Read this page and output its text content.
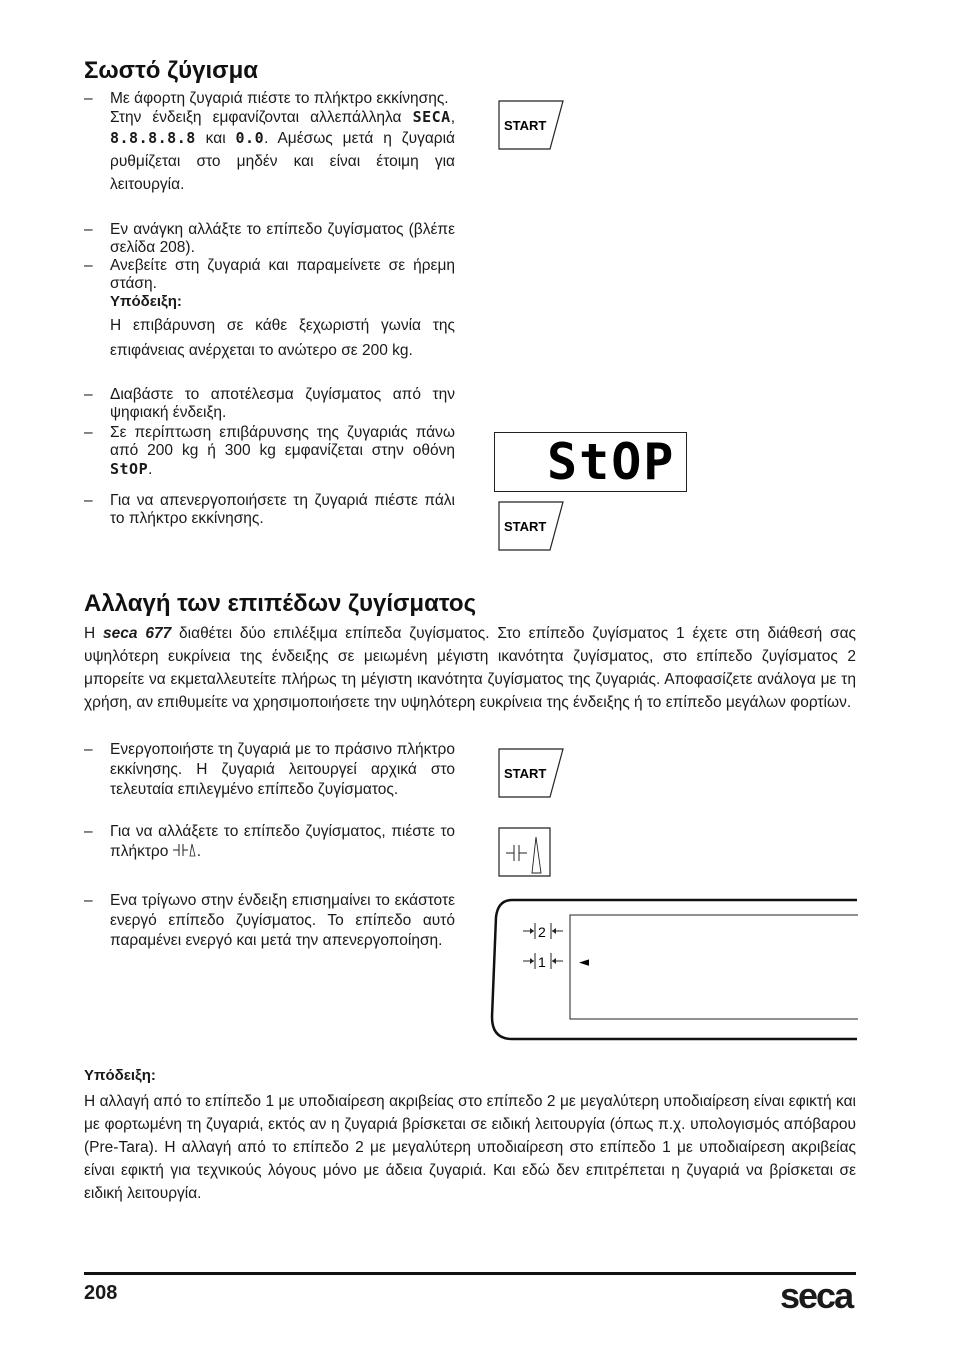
Σωστό ζύγισμα
– Με άφορτη ζυγαριά πιέστε το πλήκτρο εκκίνησης.

Στην ένδειξη εμφανίζονται αλλεπάλληλα SECA, 8.8.8.8.8 και 0.0. Αμέσως μετά η ζυγαριά ρυθμίζεται στο μηδέν και είναι έτοιμη για λειτουργία.

– Εν ανάγκη αλλάξτε το επίπεδο ζυγίσματος (βλέπε σελίδα 208).
– Ανεβείτε στη ζυγαριά και παραμείνετε σε ήρεμη στάση.

Υπόδειξη:

Η επιβάρυνση σε κάθε ξεχωριστή γωνία της επιφάνειας ανέρχεται το ανώτερο σε 200 kg.

– Διαβάστε το αποτέλεσμα ζυγίσματος από την ψηφιακή ένδειξη.
– Σε περίπτωση επιβάρυνσης της ζυγαριάς πάνω από 200 kg ή 300 kg εμφανίζεται στην οθόνη StOP.
– Για να απενεργοποιήσετε τη ζυγαριά πιέστε πάλι το πλήκτρο εκκίνησης.
START
StOP
START
Αλλαγή των επιπέδων ζυγίσματος

Η seca 677 διαθέτει δύο επιλέξιμα επίπεδα ζυγίσματος. Στο επίπεδο ζυγίσματος 1 έχετε στη διάθεσή σας υψηλότερη ευκρίνεια της ένδειξης σε μειωμένη μέγιστη ικανότητα ζυγίσματος, στο επίπεδο ζυγίσματος 2 μπορείτε να εκμεταλλευτείτε πλήρως τη μέγιστη ικανότητα ζυγίσματος της ζυγαριάς. Αποφασίζετε ανάλογα με τη χρήση, αν επιθυμείτε να χρησιμοποιήσετε την υψηλότερη ευκρίνεια της ένδειξης ή το επίπεδο μεγάλων φορτίων.

– Ενεργοποιήστε τη ζυγαριά με το πράσινο πλήκτρο εκκίνησης. Η ζυγαριά λειτουργεί αρχικά στο τελευταία επιλεγμένο επίπεδο ζυγίσματος.
– Για να αλλάξετε το επίπεδο ζυγίσματος, πιέστε το πλήκτρο .
– Ενα τρίγωνο στην ένδειξη επισημαίνει το εκάστοτε ενεργό επίπεδο ζυγίσματος. Το επίπεδο αυτό παραμένει ενεργό και μετά την απενεργοποίηση.
START
2
1	◄

Υπόδειξη:

Η αλλαγή από το επίπεδο 1 με υποδιαίρεση ακριβείας στο επίπεδο 2 με μεγαλύτερη υποδιαίρεση είναι εφικτή και με φορτωμένη τη ζυγαριά, εκτός αν η ζυγαριά βρίσκεται σε ειδική λειτουργία (όπως π.χ. υπολογισμός απόβαρου (Pre-Tara). Η αλλαγή από το επίπεδο 2 με μεγαλύτερη υποδιαίρεση στο επίπεδο 1 με υποδιαίρεση ακριβείας είναι εφικτή για τεχνικούς λόγους μόνο με άδεια ζυγαριά. Και εδώ δεν επιτρέπεται η ζυγαριά να βρίσκεται σε ειδική λειτουργία.

208	seca
